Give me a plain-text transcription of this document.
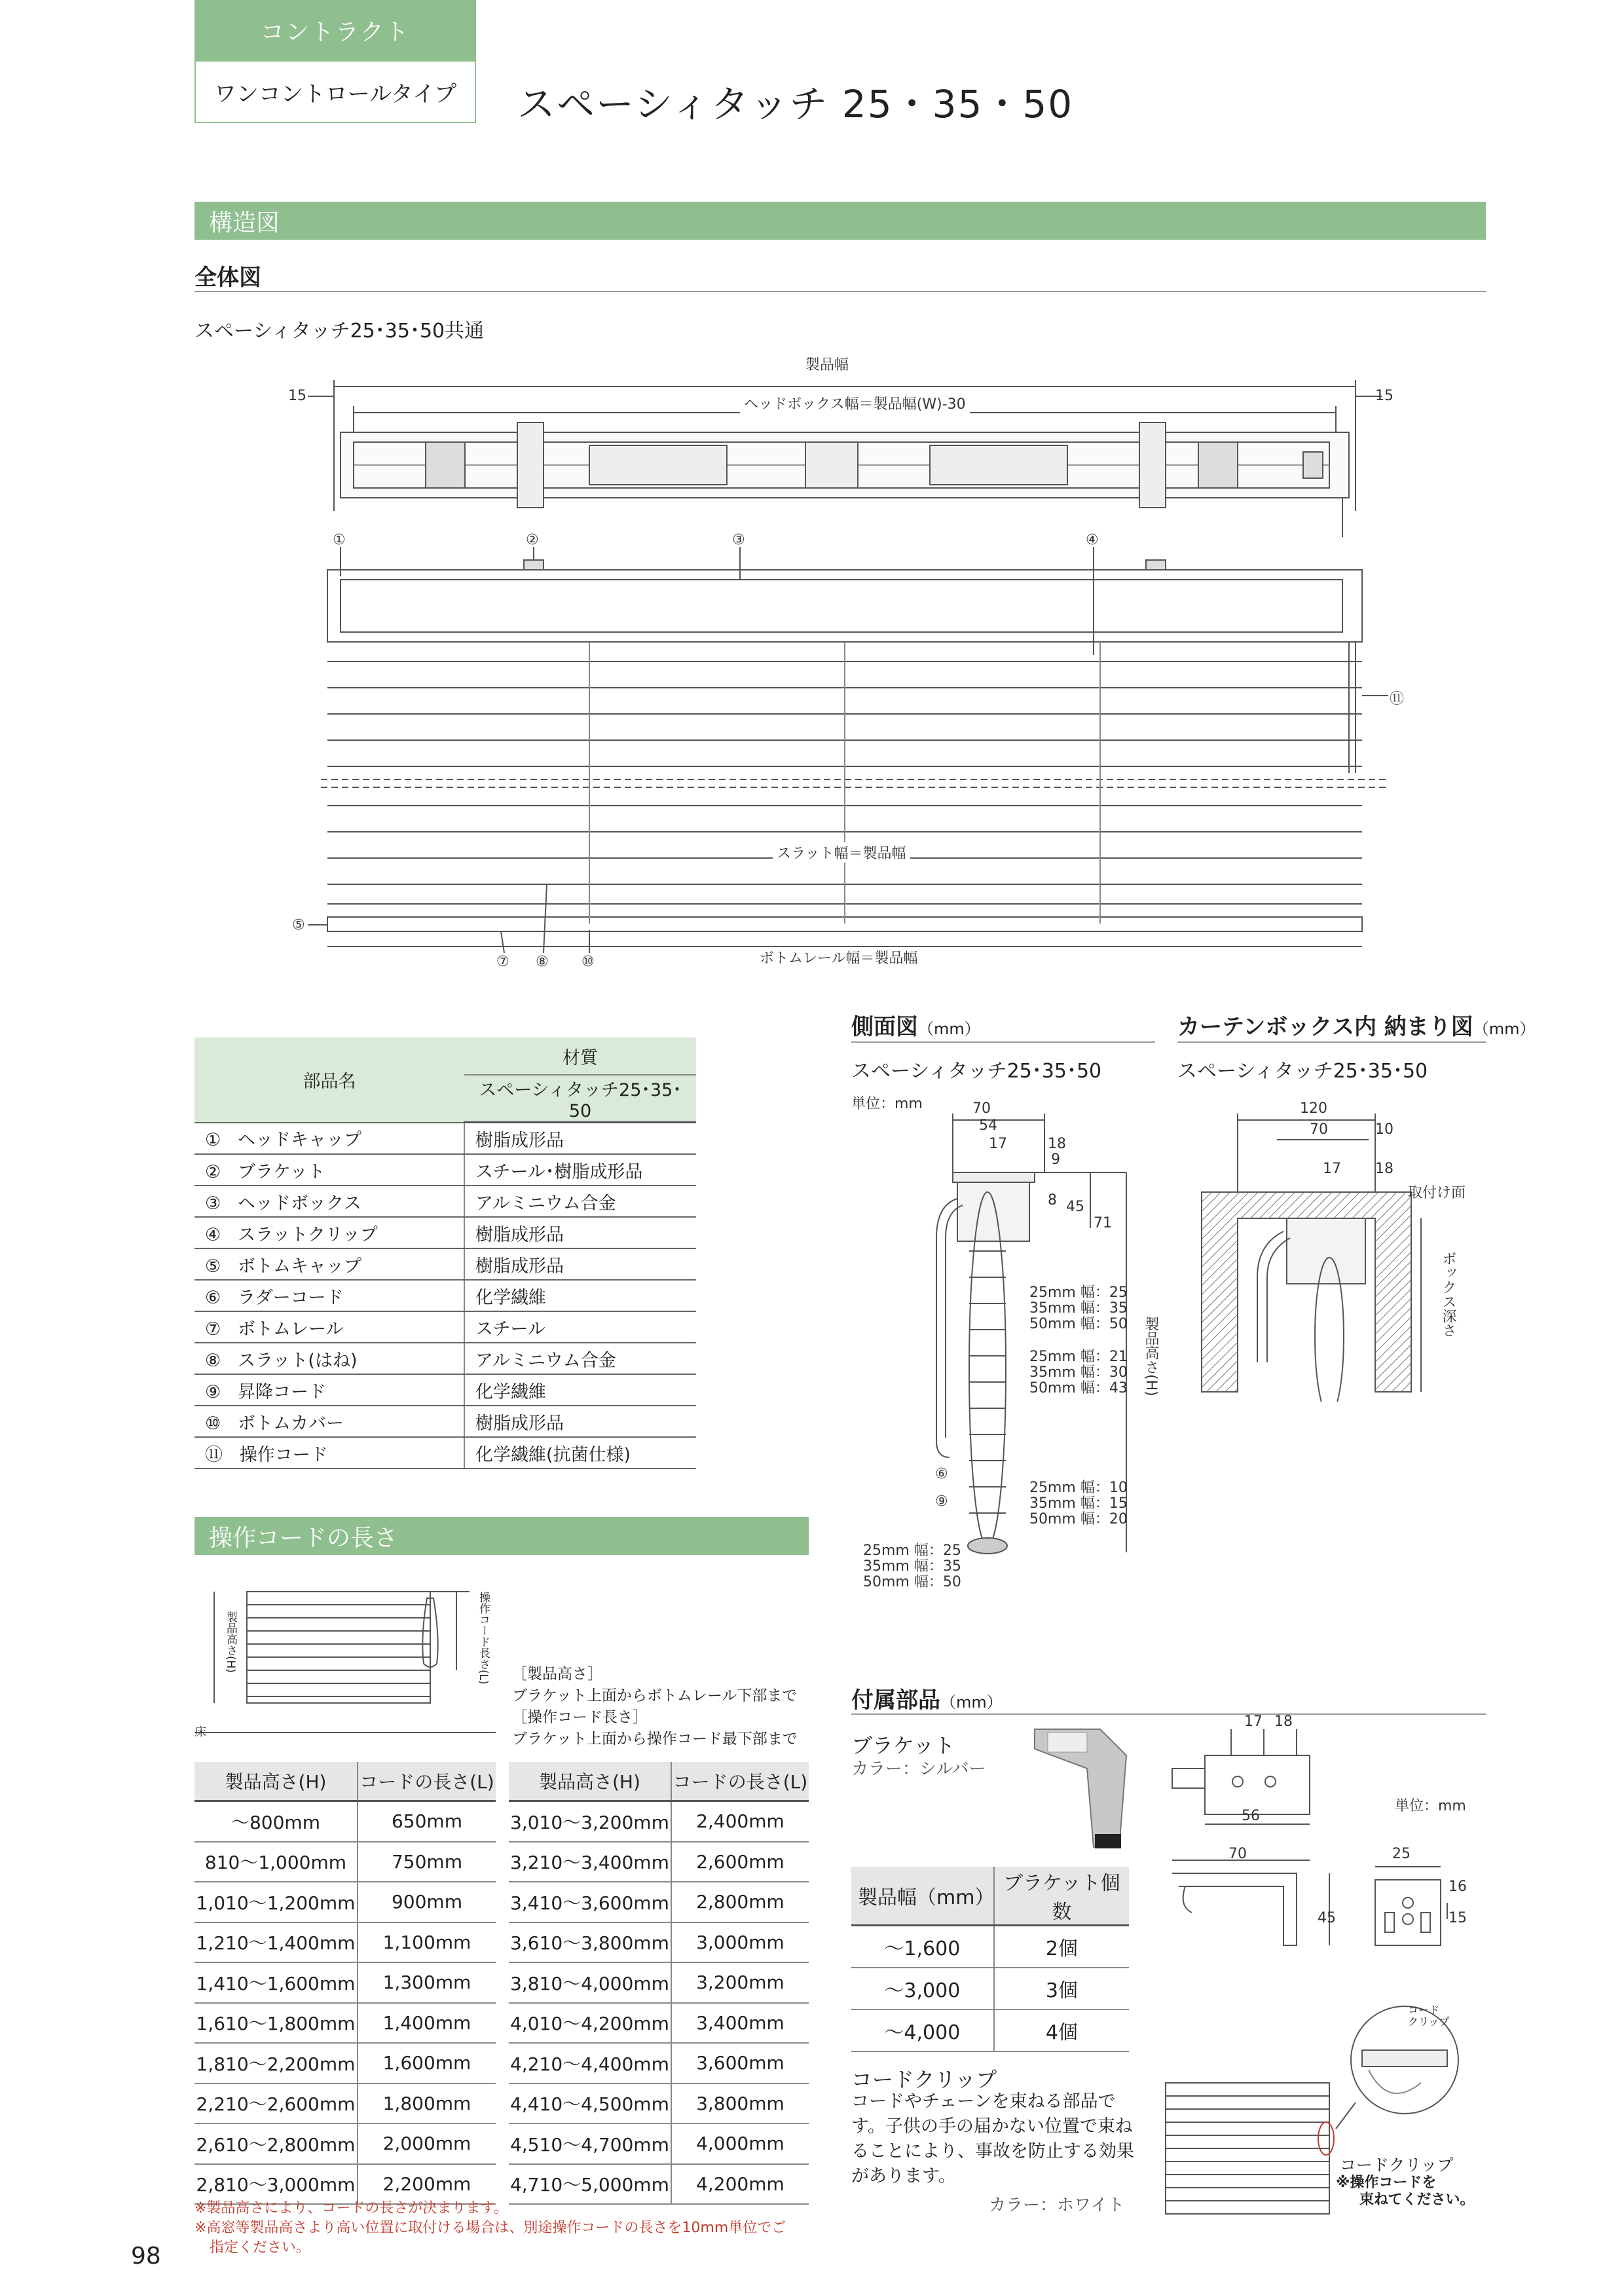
コントラクト
ワンコントロールタイプ	スペーシィタッチ 25・35・50
構造図
全体図
スペーシィタッチ25･35･50共通
製品幅
ヘッドボックス幅＝製品幅(W)-30
15	15
スラット幅＝製品幅
ボトムレール幅＝製品幅
①	②	③	④
⑤
⑦ ⑧ ⑩
⑪
部品名	材質
	スペーシィタッチ25･35･50
① ヘッドキャップ	樹脂成形品
② ブラケット	スチール･樹脂成形品
③ ヘッドボックス	アルミニウム合金
④ スラットクリップ	樹脂成形品
⑤ ボトムキャップ	樹脂成形品
⑥ ラダーコード	化学繊維
⑦ ボトムレール	スチール
⑧ スラット(はね)	アルミニウム合金
⑨ 昇降コード	化学繊維
⑩ ボトムカバー	樹脂成形品
⑪ 操作コード	化学繊維(抗菌仕様)
側面図（mm）
スペーシィタッチ25･35･50
単位：mm	70
54
17	18
9
8 45
71
25mm 幅：25
35mm 幅：35
50mm 幅：50
25mm 幅：21
35mm 幅：30
50mm 幅：43
25mm 幅：10
35mm 幅：15
50mm 幅：20
25mm 幅：25
35mm 幅：35
50mm 幅：50
製品高さ(H)
⑥
⑨
カーテンボックス内 納まり図（mm）
スペーシィタッチ25･35･50
120
70	10
17 18
取付け面
ボックス深さ
操作コードの長さ
製品高さ(H)	操作コード長さ(L)
床
［製品高さ］
ブラケット上面からボトムレール下部まで
［操作コード長さ］
ブラケット上面から操作コード最下部まで
製品高さ(H)	コードの長さ(L)
～800mm	650mm
810～1,000mm	750mm
1,010～1,200mm	900mm
1,210～1,400mm	1,100mm
1,410～1,600mm	1,300mm
1,610～1,800mm	1,400mm
1,810～2,200mm	1,600mm
2,210～2,600mm	1,800mm
2,610～2,800mm	2,000mm
2,810～3,000mm	2,200mm
製品高さ(H)	コードの長さ(L)
3,010～3,200mm	2,400mm
3,210～3,400mm	2,600mm
3,410～3,600mm	2,800mm
3,610～3,800mm	3,000mm
3,810～4,000mm	3,200mm
4,010～4,200mm	3,400mm
4,210～4,400mm	3,600mm
4,410～4,500mm	3,800mm
4,510～4,700mm	4,000mm
4,710～5,000mm	4,200mm
※製品高さにより、コードの長さが決まります。
※高窓等製品高さより高い位置に取付ける場合は、別途操作コードの長さを10mm単位でご
指定ください。
98
付属部品（mm）
ブラケット
カラー：シルバー
製品幅（mm）	ブラケット個数
～1,600	2個
～3,000	3個
～4,000	4個
17 18
単位：mm
56
70	25
16
45	15
コードクリップ
コードやチェーンを束ねる部品で
す。子供の手の届かない位置で束ね
ることにより、事故を防止する効果
があります。
カラー：ホワイト
コード
クリップ
コードクリップ
※操作コードを
束ねてください。
